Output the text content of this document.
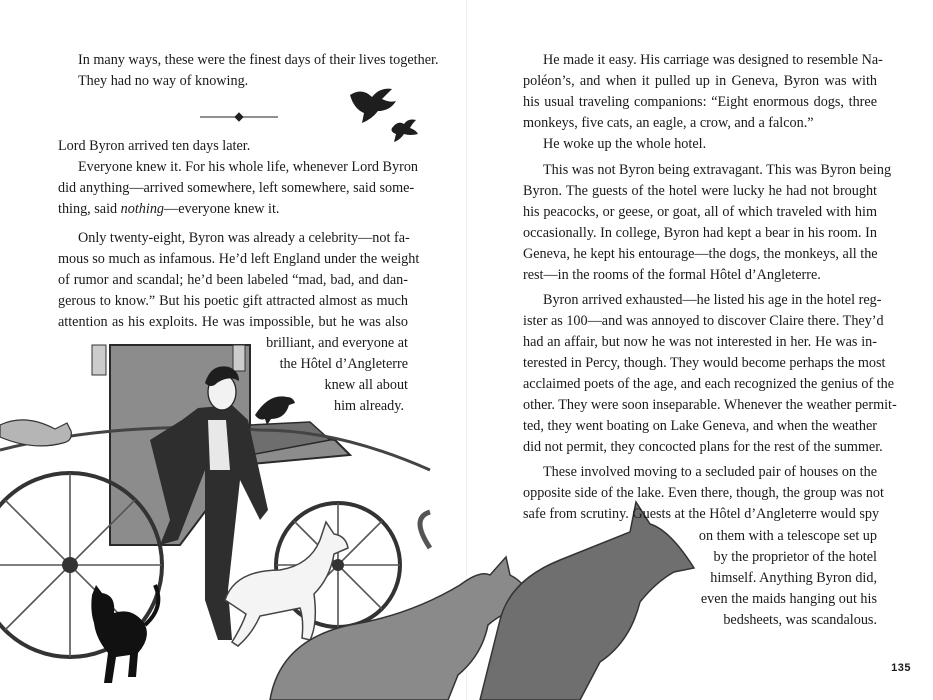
In many ways, these were the finest days of their lives together.
They had no way of knowing.
Lord Byron arrived ten days later.
Everyone knew it. For his whole life, whenever Lord Byron
did anything—arrived somewhere, left somewhere, said some-
thing, said nothing—everyone knew it.
Only twenty-eight, Byron was already a celebrity—not fa-
mous so much as infamous. He’d left England under the weight
of rumor and scandal; he’d been labeled “mad, bad, and dan-
gerous to know.” But his poetic gift attracted almost as much
attention as his exploits. He was impossible, but he was also
brilliant, and everyone at
the Hôtel d’Angleterre
knew all about
him already.
He made it easy. His carriage was designed to resemble Na-
poléon’s, and when it pulled up in Geneva, Byron was with
his usual traveling companions: “Eight enormous dogs, three
monkeys, five cats, an eagle, a crow, and a falcon.”
He woke up the whole hotel.
This was not Byron being extravagant. This was Byron being
Byron. The guests of the hotel were lucky he had not brought
his peacocks, or geese, or goat, all of which traveled with him
occasionally. In college, Byron had kept a bear in his room. In
Geneva, he kept his entourage—the dogs, the monkeys, all the
rest—in the rooms of the formal Hôtel d’Angleterre.
Byron arrived exhausted—he listed his age in the hotel reg-
ister as 100—and was annoyed to discover Claire there. They’d
had an affair, but now he was not interested in her. He was in-
terested in Percy, though. They would become perhaps the most
acclaimed poets of the age, and each recognized the genius of the
other. They were soon inseparable. Whenever the weather permit-
ted, they went boating on Lake Geneva, and when the weather
did not permit, they concocted plans for the rest of the summer.
These involved moving to a secluded pair of houses on the
opposite side of the lake. Even there, though, the group was not
safe from scrutiny. Guests at the Hôtel d’Angleterre would spy
on them with a telescope set up
by the proprietor of the hotel
himself. Anything Byron did,
even the maids hanging out his
bedsheets, was scandalous.
135
